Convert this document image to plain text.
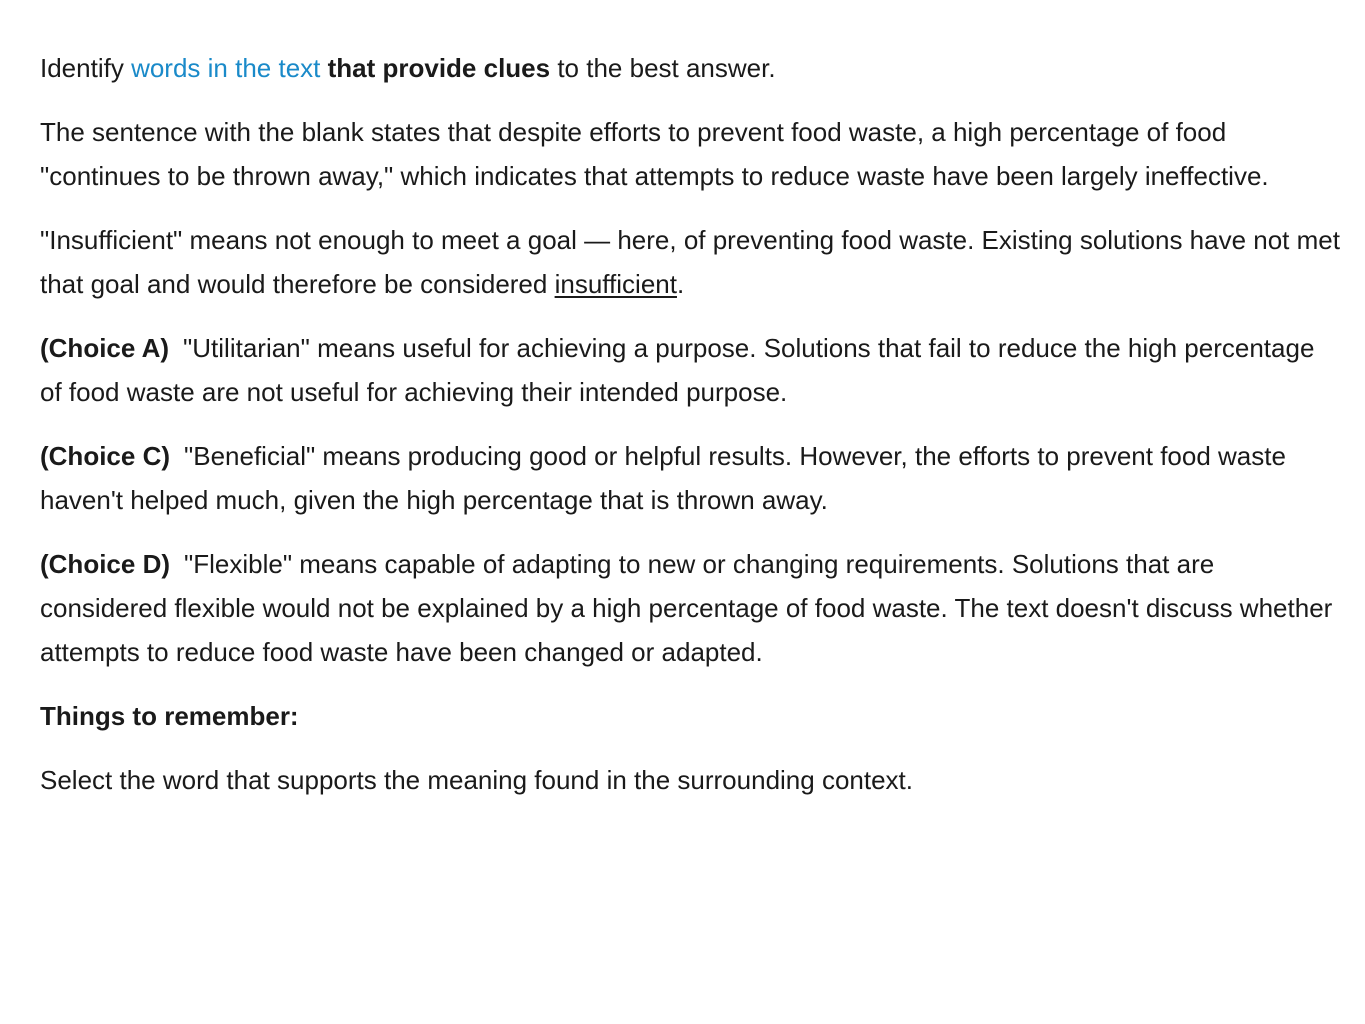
Identify words in the text that provide clues to the best answer.

The sentence with the blank states that despite efforts to prevent food waste, a high percentage of food "continues to be thrown away," which indicates that attempts to reduce waste have been largely ineffective.

"Insufficient" means not enough to meet a goal — here, of preventing food waste. Existing solutions have not met that goal and would therefore be considered insufficient.

(Choice A) "Utilitarian" means useful for achieving a purpose. Solutions that fail to reduce the high percentage of food waste are not useful for achieving their intended purpose.

(Choice C) "Beneficial" means producing good or helpful results. However, the efforts to prevent food waste haven't helped much, given the high percentage that is thrown away.

(Choice D) "Flexible" means capable of adapting to new or changing requirements. Solutions that are considered flexible would not be explained by a high percentage of food waste. The text doesn't discuss whether attempts to reduce food waste have been changed or adapted.

Things to remember:

Select the word that supports the meaning found in the surrounding context.
